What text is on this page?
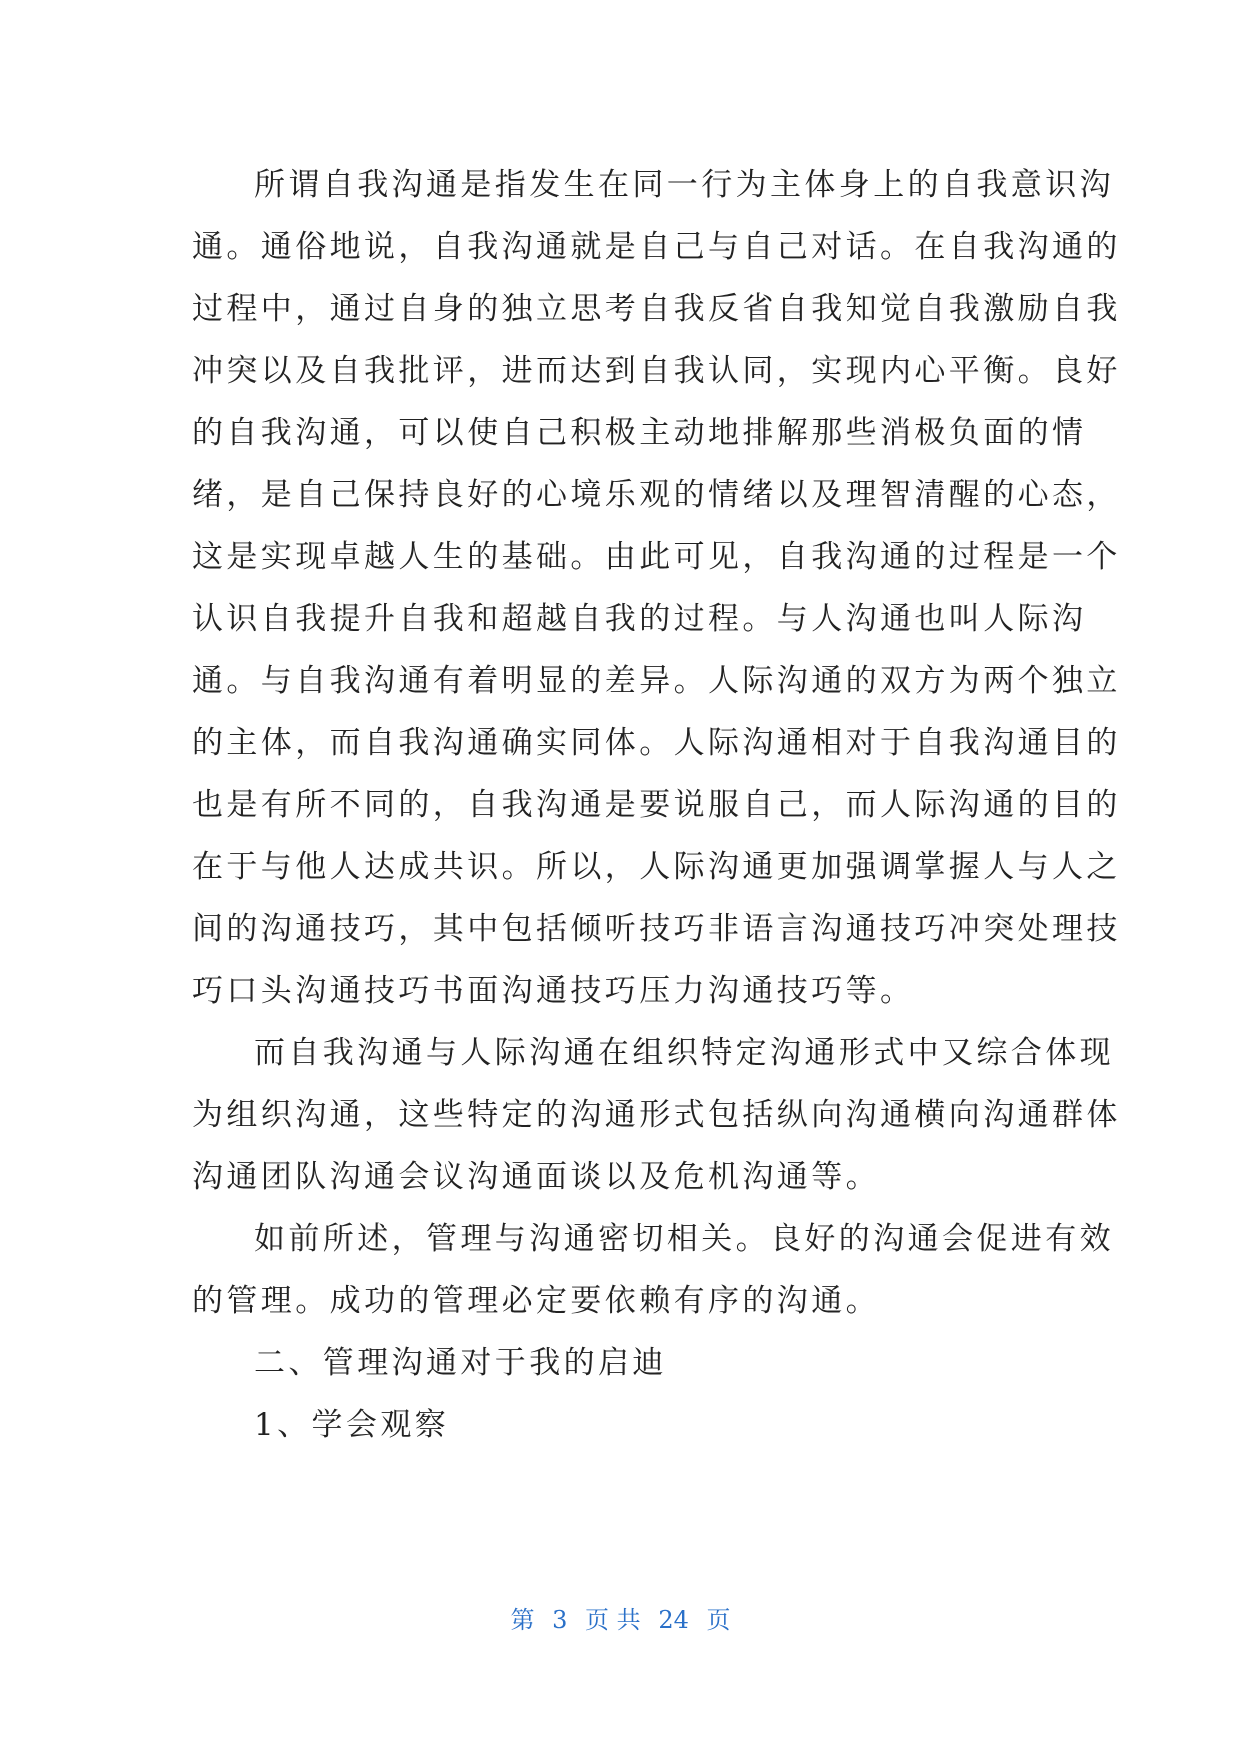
所谓自我沟通是指发生在同一行为主体身上的自我意识沟
通。通俗地说，自我沟通就是自己与自己对话。在自我沟通的
过程中，通过自身的独立思考自我反省自我知觉自我激励自我
冲突以及自我批评，进而达到自我认同，实现内心平衡。良好
的自我沟通，可以使自己积极主动地排解那些消极负面的情
绪，是自己保持良好的心境乐观的情绪以及理智清醒的心态，
这是实现卓越人生的基础。由此可见，自我沟通的过程是一个
认识自我提升自我和超越自我的过程。与人沟通也叫人际沟
通。与自我沟通有着明显的差异。人际沟通的双方为两个独立
的主体，而自我沟通确实同体。人际沟通相对于自我沟通目的
也是有所不同的，自我沟通是要说服自己，而人际沟通的目的
在于与他人达成共识。所以，人际沟通更加强调掌握人与人之
间的沟通技巧，其中包括倾听技巧非语言沟通技巧冲突处理技
巧口头沟通技巧书面沟通技巧压力沟通技巧等。
而自我沟通与人际沟通在组织特定沟通形式中又综合体现
为组织沟通，这些特定的沟通形式包括纵向沟通横向沟通群体
沟通团队沟通会议沟通面谈以及危机沟通等。
如前所述，管理与沟通密切相关。良好的沟通会促进有效
的管理。成功的管理必定要依赖有序的沟通。
二、管理沟通对于我的启迪
1、学会观察
第 3 页 共 24 页
